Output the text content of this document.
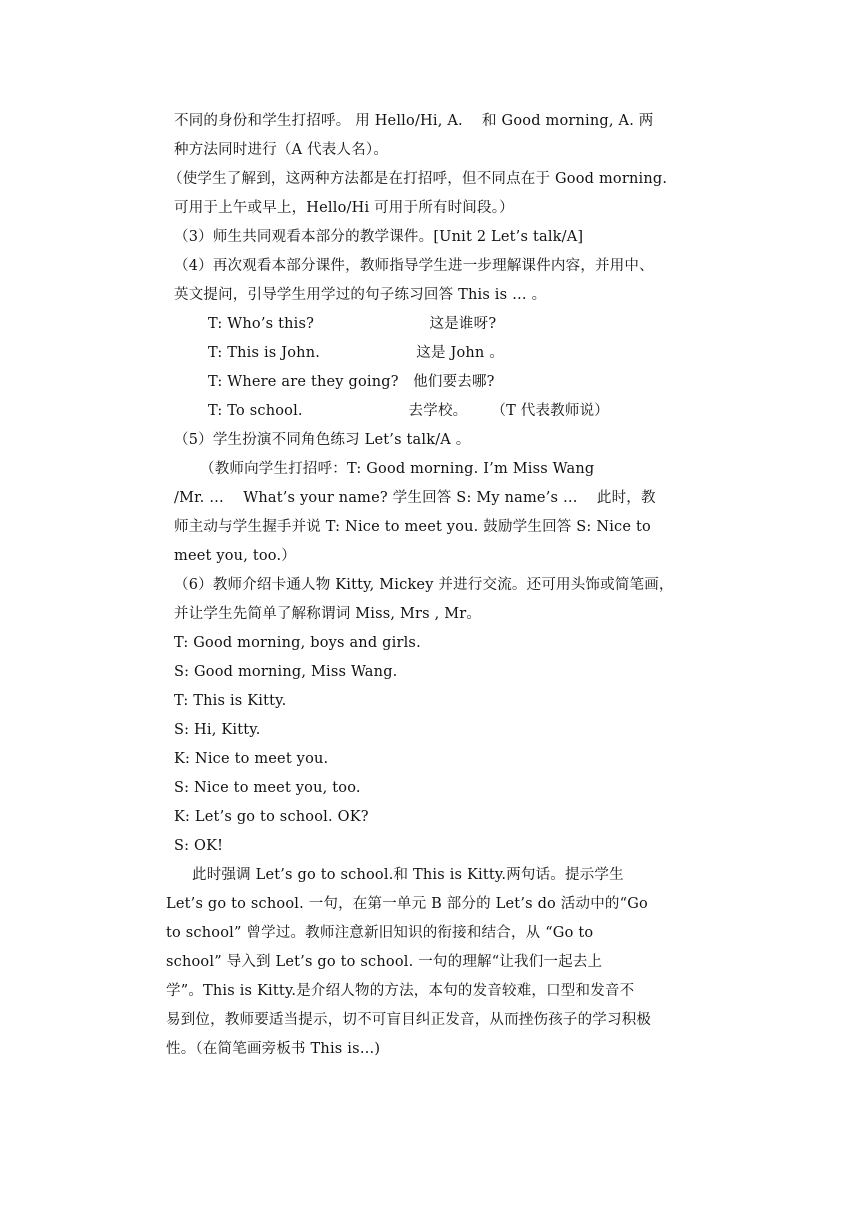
不同的身份和学生打招呼。 用 Hello/Hi, A.    和 Good morning, A. 两
种方法同时进行（A 代表人名）。
（使学生了解到，这两种方法都是在打招呼，但不同点在于 Good morning.
可用于上午或早上，Hello/Hi 可用于所有时间段。）
（3）师生共同观看本部分的教学课件。[Unit 2 Let’s talk/A]
（4）再次观看本部分课件，教师指导学生进一步理解课件内容，并用中、
英文提问，引导学生用学过的句子练习回答 This is … 。
T: Who’s this?                        这是谁呀?
T: This is John.                    这是 John 。
T: Where are they going?   他们要去哪?
T: To school.                      去学校。     （T 代表教师说）
（5）学生扮演不同角色练习 Let’s talk/A 。
（教师向学生打招呼：T: Good morning. I’m Miss Wang
/Mr. …    What’s your name? 学生回答 S: My name’s …    此时，教
师主动与学生握手并说 T: Nice to meet you. 鼓励学生回答 S: Nice to
meet you, too.）
（6）教师介绍卡通人物 Kitty, Mickey 并进行交流。还可用头饰或简笔画，
并让学生先简单了解称谓词 Miss, Mrs , Mr。
T: Good morning, boys and girls.
S: Good morning, Miss Wang.
T: This is Kitty.
S: Hi, Kitty.
K: Nice to meet you.
S: Nice to meet you, too.
K: Let’s go to school. OK?
S: OK!
此时强调 Let’s go to school.和 This is Kitty.两句话。提示学生
Let’s go to school. 一句，在第一单元 B 部分的 Let’s do 活动中的“Go
to school” 曾学过。教师注意新旧知识的衔接和结合，从 “Go to
school” 导入到 Let’s go to school. 一句的理解“让我们一起去上
学”。This is Kitty.是介绍人物的方法，本句的发音较难，口型和发音不
易到位，教师要适当提示，切不可盲目纠正发音，从而挫伤孩子的学习积极
性。（在简笔画旁板书 This is…)
